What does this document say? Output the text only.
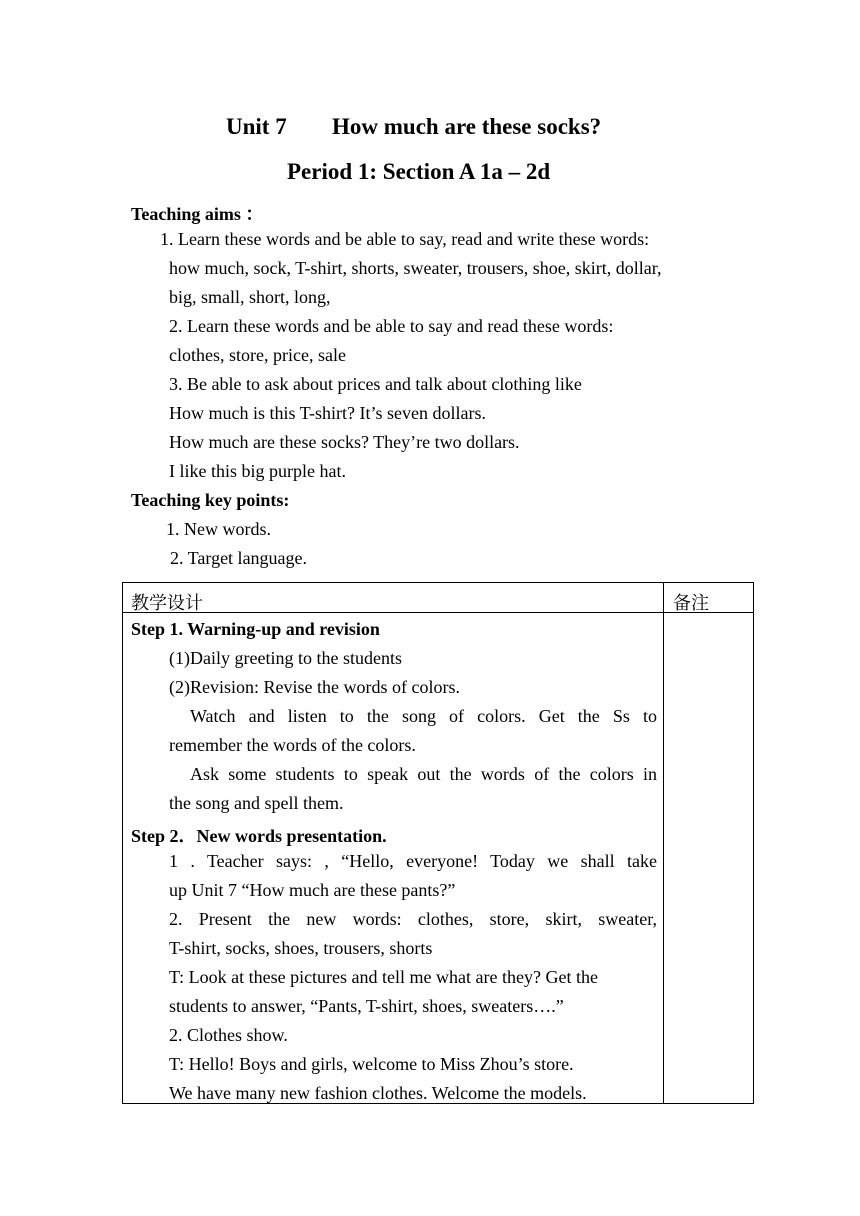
Unit 7 How much are these socks?
Period 1: Section A 1a – 2d
Teaching aims ：
1. Learn these words and be able to say, read and write these words:
how much, sock, T-shirt, shorts, sweater, trousers, shoe, skirt, dollar,
big, small, short, long,
2. Learn these words and be able to say and read these words:
clothes, store, price, sale
3. Be able to ask about prices and talk about clothing like
How much is this T-shirt? It’s seven dollars.
How much are these socks? They’re two dollars.
I like this big purple hat.
Teaching key points:
1. New words.
2. Target language.
教学设计	备注
Step 1. Warning-up and revision
(1)Daily greeting to the students
(2)Revision: Revise the words of colors.
Watch and listen to the song of colors. Get the Ss to
remember the words of the colors.
Ask some students to speak out the words of the colors in
the song and spell them.
Step 2．New words presentation.
1 . Teacher says: , “Hello, everyone! Today we shall take
up Unit 7 “How much are these pants?”
2. Present the new words: clothes, store, skirt, sweater,
T-shirt, socks, shoes, trousers, shorts
T: Look at these pictures and tell me what are they? Get the
students to answer, “Pants, T-shirt, shoes, sweaters….”
2. Clothes show.
T: Hello! Boys and girls, welcome to Miss Zhou’s store.
We have many new fashion clothes. Welcome the models.
